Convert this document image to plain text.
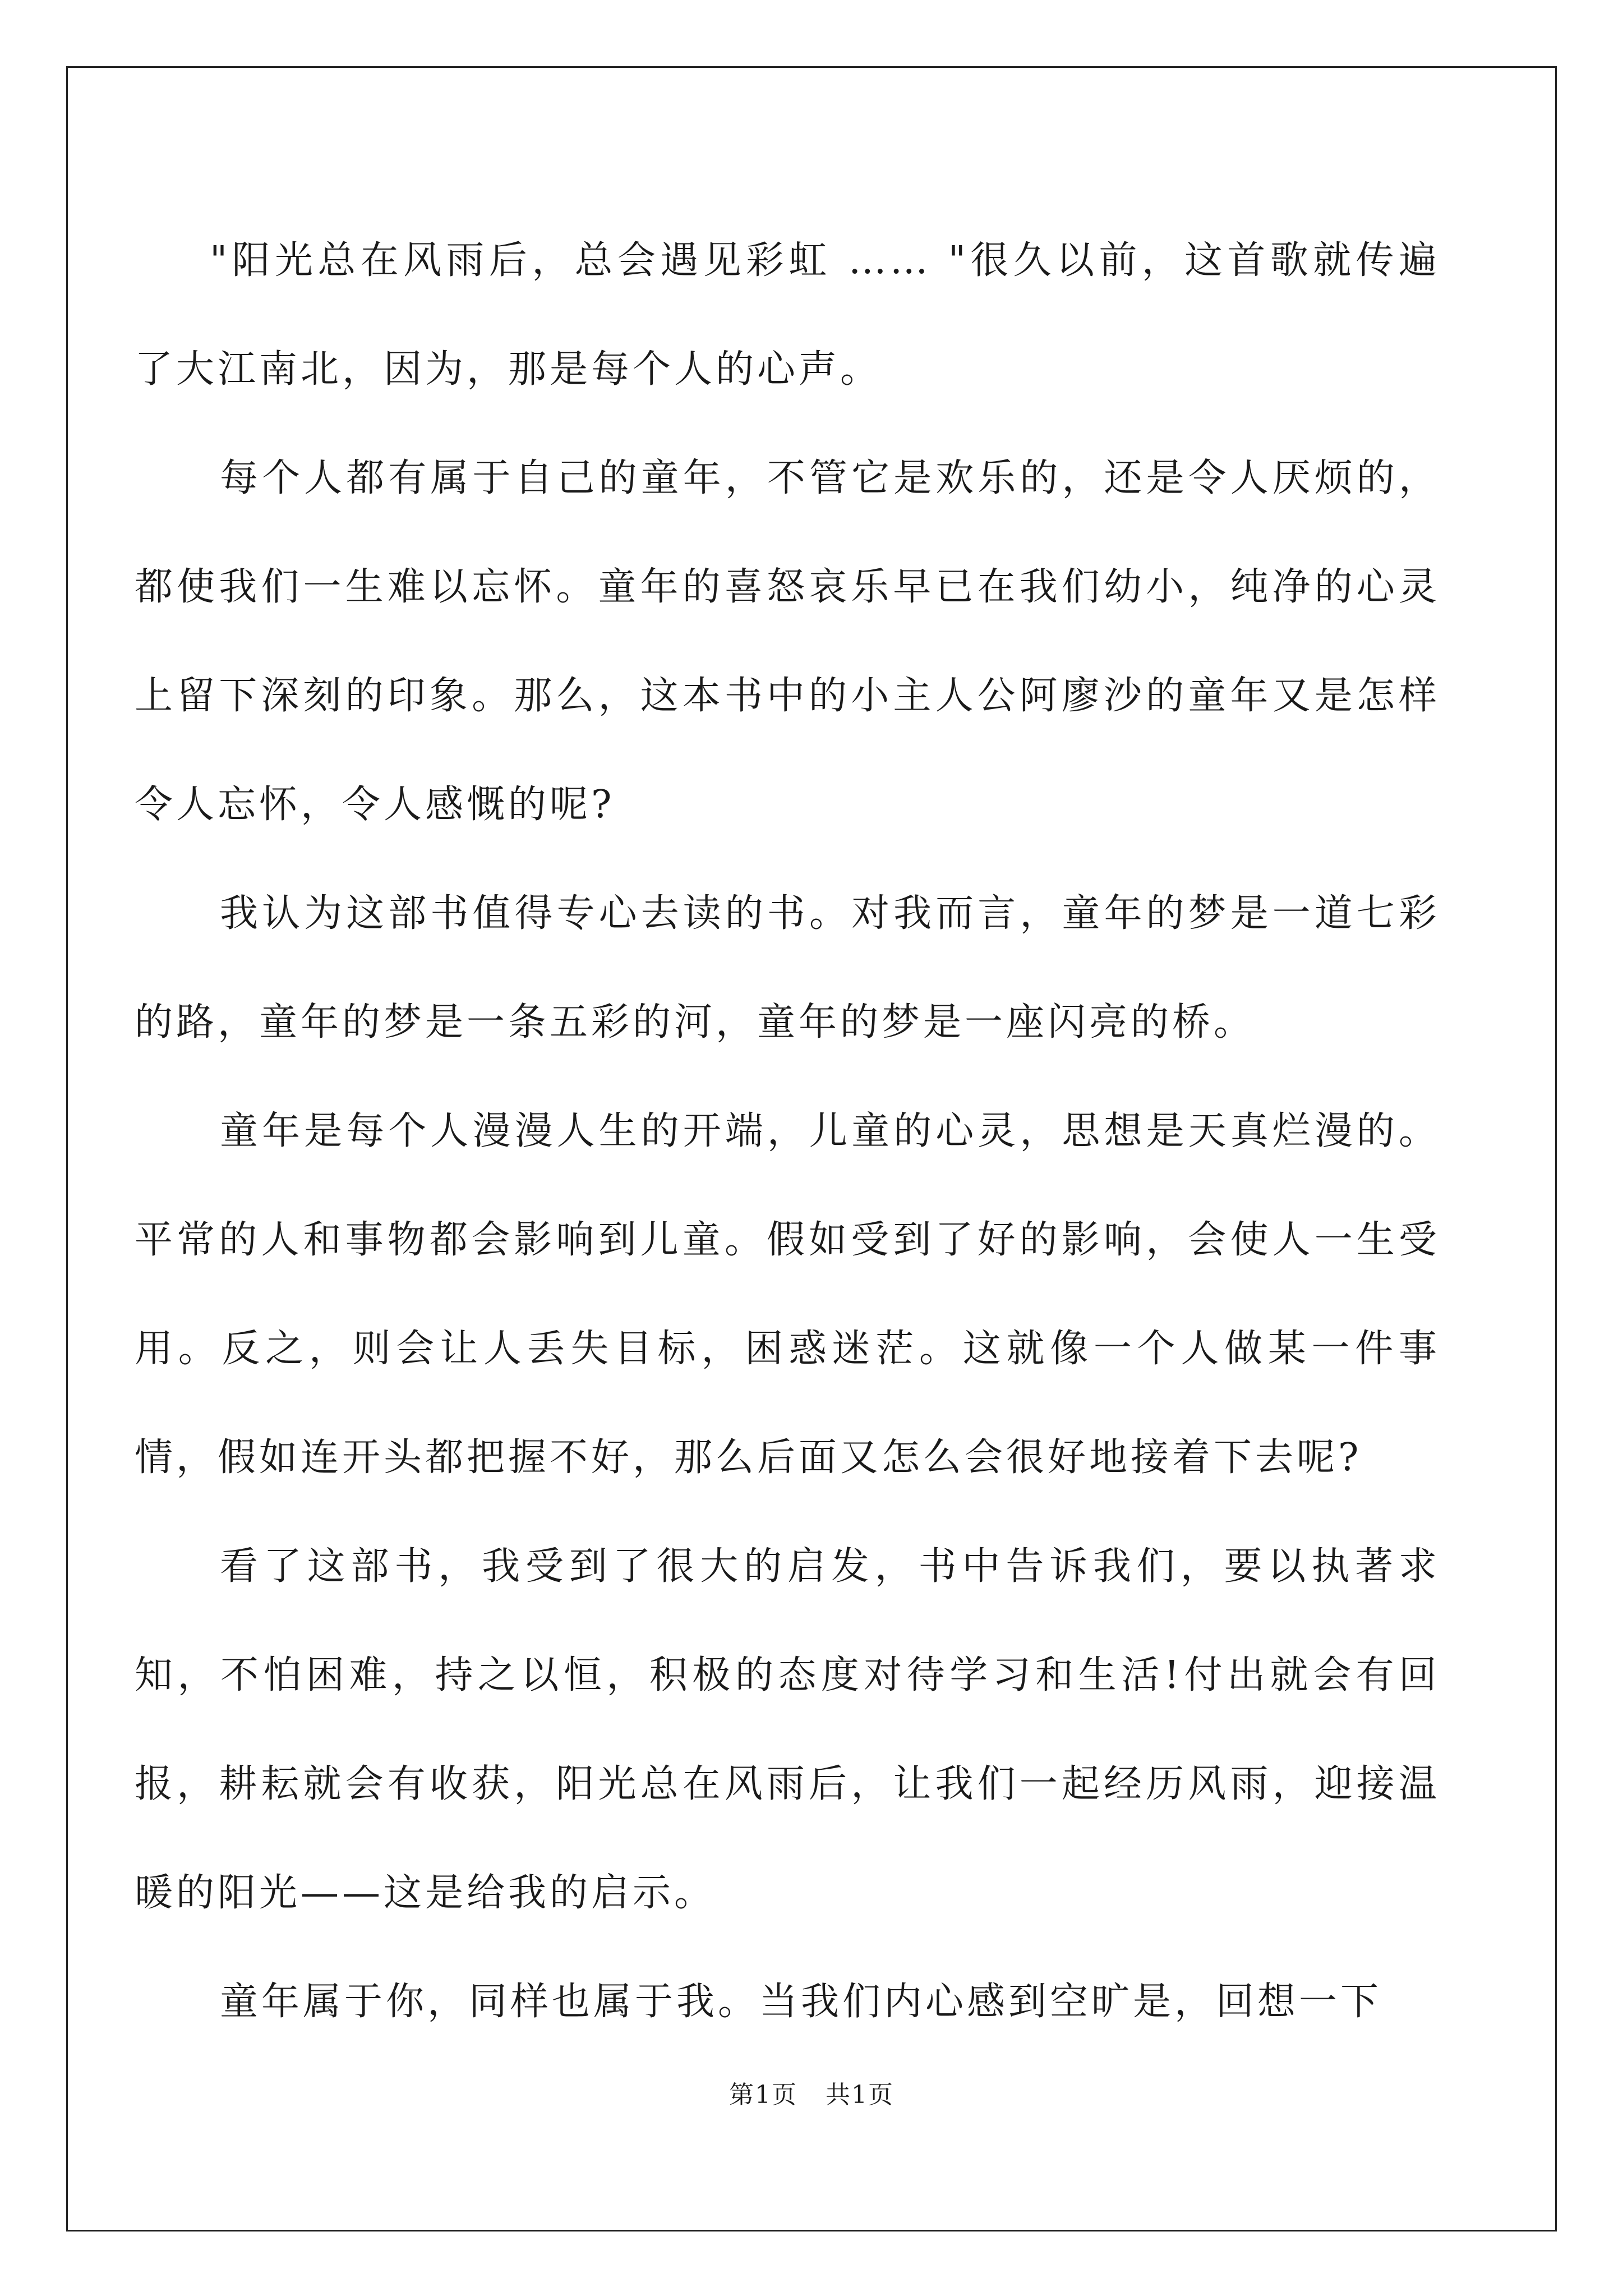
"阳光总在风雨后，总会遇见彩虹 …… "很久以前，这首歌就传遍了大江南北，因为，那是每个人的心声。

每个人都有属于自己的童年，不管它是欢乐的，还是令人厌烦的，都使我们一生难以忘怀。童年的喜怒哀乐早已在我们幼小，纯净的心灵上留下深刻的印象。那么，这本书中的小主人公阿廖沙的童年又是怎样令人忘怀，令人感慨的呢?

我认为这部书值得专心去读的书。对我而言，童年的梦是一道七彩的路，童年的梦是一条五彩的河，童年的梦是一座闪亮的桥。

童年是每个人漫漫人生的开端，儿童的心灵，思想是天真烂漫的。平常的人和事物都会影响到儿童。假如受到了好的影响，会使人一生受用。反之，则会让人丢失目标，困惑迷茫。这就像一个人做某一件事情，假如连开头都把握不好，那么后面又怎么会很好地接着下去呢?

看了这部书，我受到了很大的启发，书中告诉我们，要以执著求知，不怕困难，持之以恒，积极的态度对待学习和生活!付出就会有回报，耕耘就会有收获，阳光总在风雨后，让我们一起经历风雨，迎接温暖的阳光——这是给我的启示。

童年属于你，同样也属于我。当我们内心感到空旷是，回想一下

第1页 共1页
